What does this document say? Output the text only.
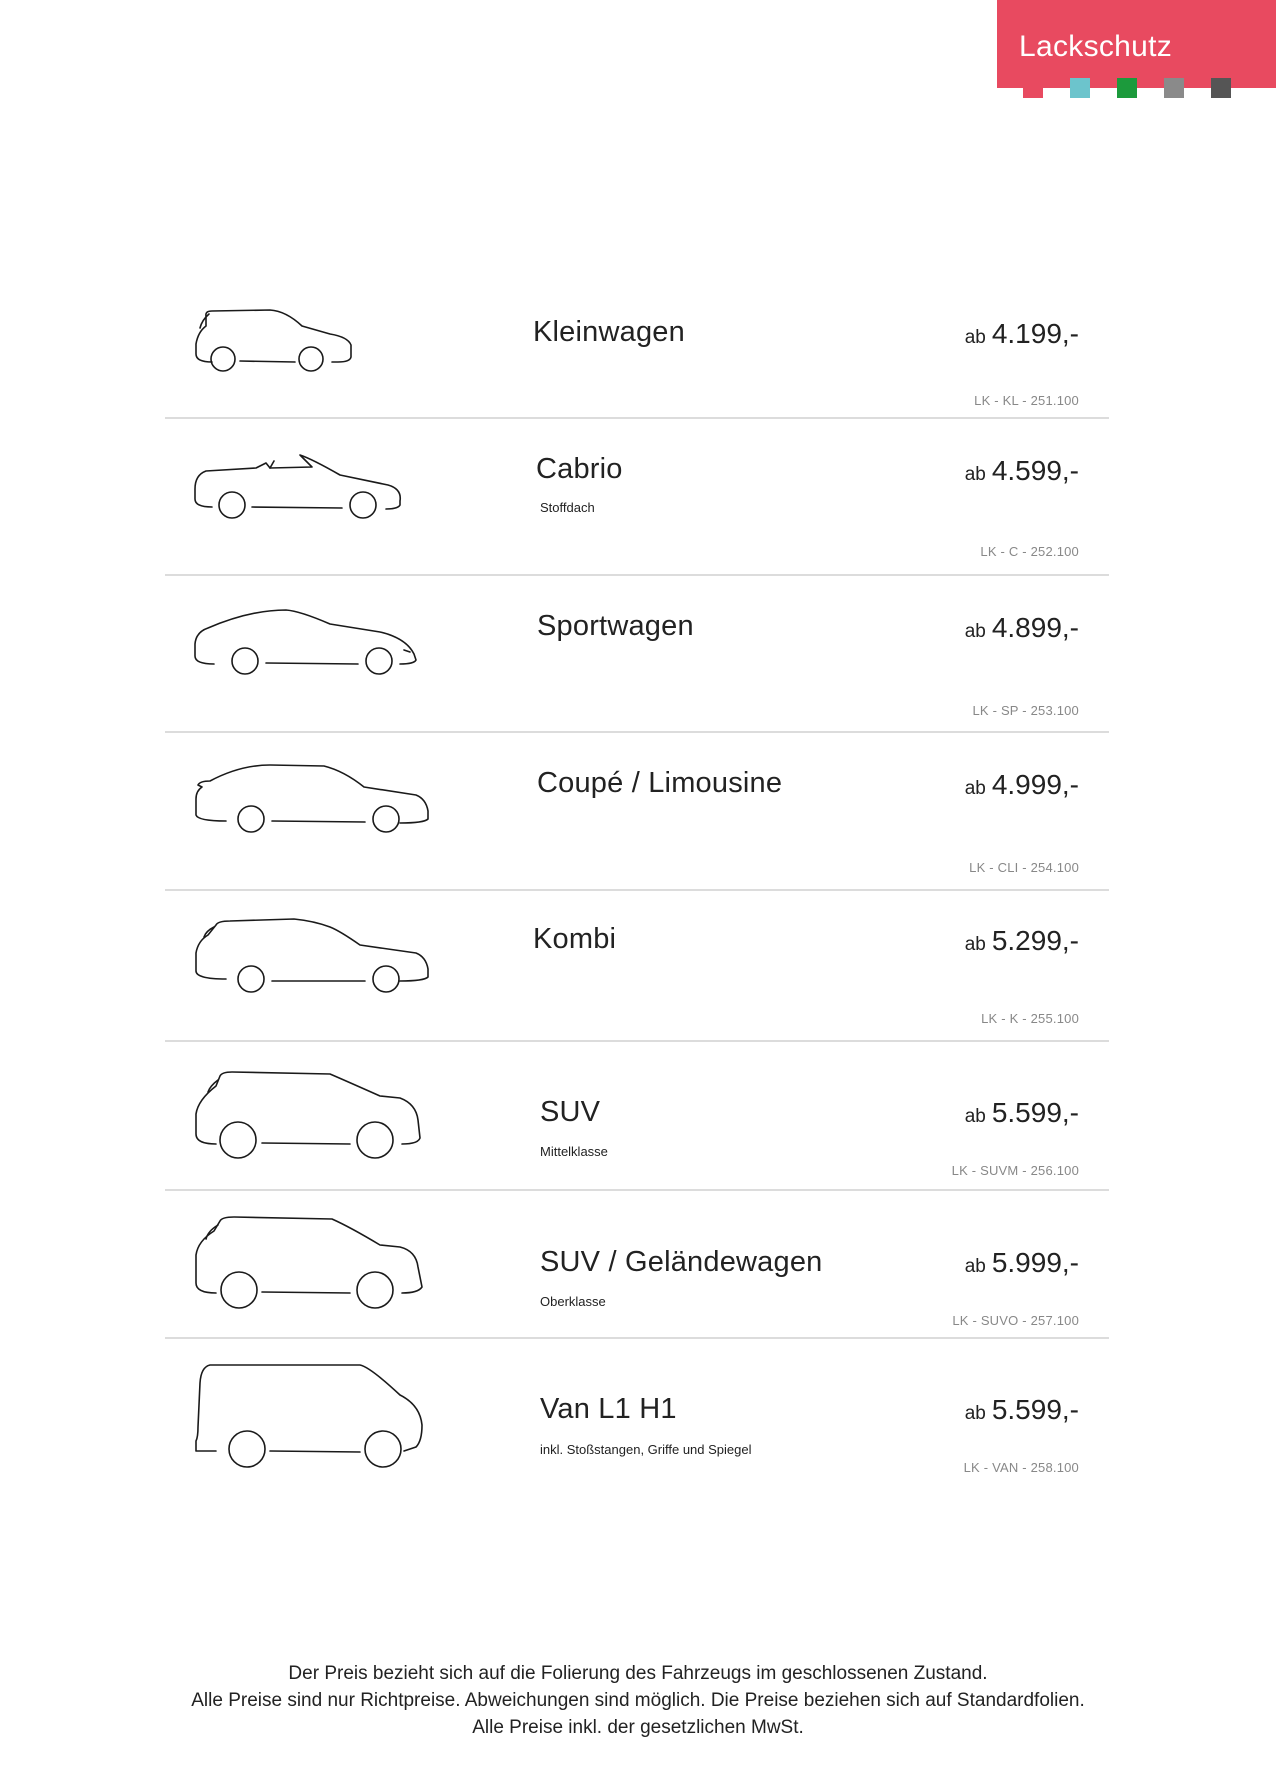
Lackschutz
Kleinwagen	ab 4.199,-
LK - KL - 251.100
Cabrio
Stoffdach
ab 4.599,-
LK - C - 252.100
Sportwagen	ab 4.899,-
LK - SP - 253.100
Coupé / Limousine	ab 4.999,-
LK - CLI - 254.100
Kombi	ab 5.299,-
LK - K - 255.100
SUV
Mittelklasse
ab 5.599,-
LK - SUVM - 256.100
SUV / Geländewagen
Oberklasse
ab 5.999,-
LK - SUVO - 257.100
Van L1 H1
inkl. Stoßstangen, Griffe und Spiegel
ab 5.599,-
LK - VAN - 258.100
Der Preis bezieht sich auf die Folierung des Fahrzeugs im geschlossenen Zustand.
Alle Preise sind nur Richtpreise. Abweichungen sind möglich. Die Preise beziehen sich auf Standardfolien.
Alle Preise inkl. der gesetzlichen MwSt.
